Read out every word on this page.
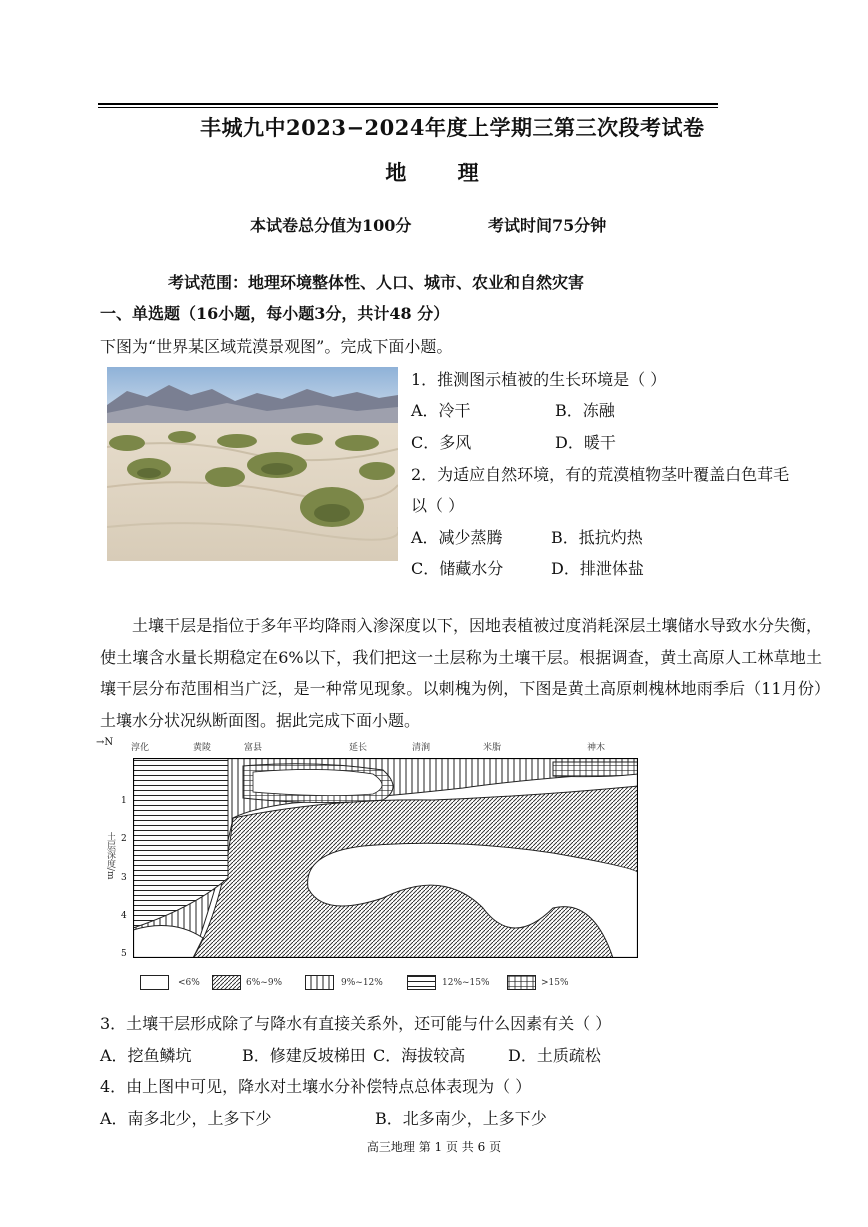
丰城九中2023−2024年度上学期三第三次段考试卷
地 理
本试卷总分值为100分	考试时间75分钟
考试范围：地理环境整体性、人口、城市、农业和自然灾害
一、单选题（16小题，每小题3分，共计48 分）
下图为“世界某区域荒漠景观图”。完成下面小题。
1．推测图示植被的生长环境是（ ）
A．冷干	B．冻融
C．多风	D．暖干
2．为适应自然环境，有的荒漠植物茎叶覆盖白色茸毛
以（ ）
A．减少蒸腾	B．抵抗灼热
C．储藏水分	D．排泄体盐
土壤干层是指位于多年平均降雨入渗深度以下，因地表植被过度消耗深层土壤储水导致水分失衡，使土壤含水量长期稳定在6%以下，我们把这一土层称为土壤干层。根据调查，黄土高原人工林草地土壤干层分布范围相当广泛，是一种常见现象。以刺槐为例，下图是黄土高原刺槐林地雨季后（11月份）土壤水分状况纵断面图。据此完成下面小题。
→N 淳化	黄陵	富县	延长	清涧	米脂	神木
土层深度/m
1
2
3
4
5
<6%	6%~9%	9%~12%	12%~15%	>15%
3．土壤干层形成除了与降水有直接关系外，还可能与什么因素有关（ ）
A．挖鱼鳞坑	B．修建反坡梯田 C．海拔较高	D．土质疏松
4．由上图中可见，降水对土壤水分补偿特点总体表现为（ ）
A．南多北少，上多下少	B．北多南少，上多下少
高三地理 第 1 页 共 6 页
